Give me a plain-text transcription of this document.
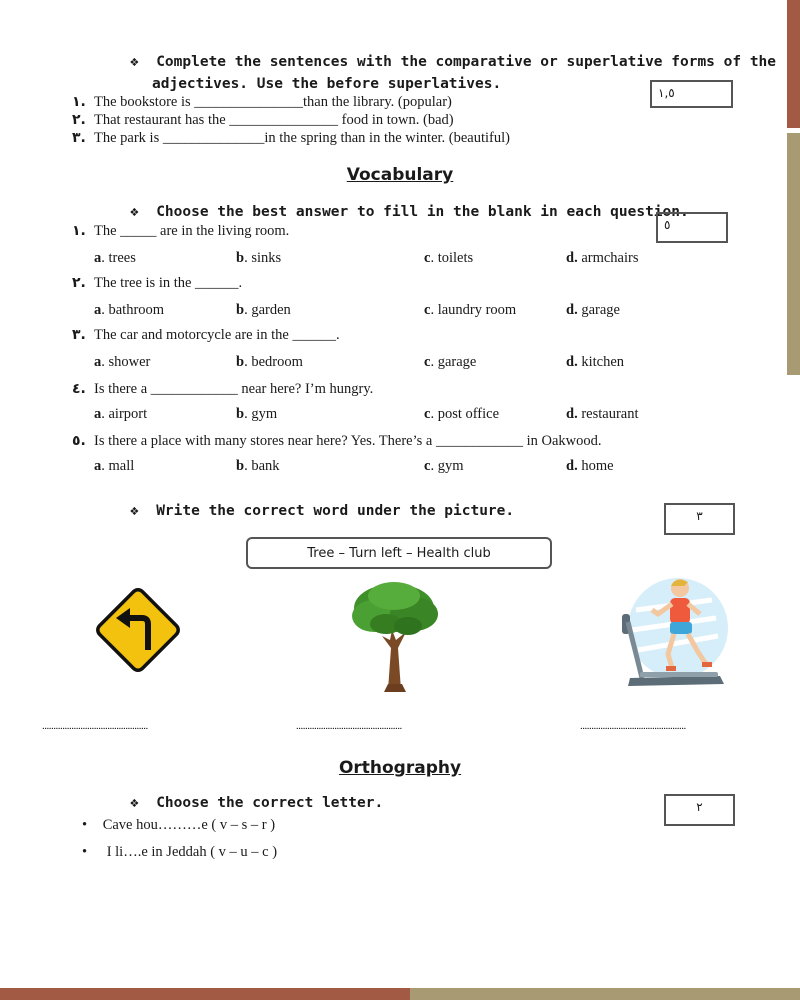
❖ Complete the sentences with the comparative or superlative forms of the
adjectives. Use the before superlatives.
١,٥
١. The bookstore is _______________than the library. (popular)
٢. That restaurant has the _______________ food in town. (bad)
٣. The park is ______________in the spring than in the winter. (beautiful)
Vocabulary
❖ Choose the best answer to fill in the blank in each question.
٥
١. The _____ are in the living room.
a. trees	b. sinks	c. toilets	d. armchairs
٢. The tree is in the ______.
a. bathroom	b. garden	c. laundry room	d. garage
٣. The car and motorcycle are in the ______.
a. shower	b. bedroom	c. garage	d. kitchen
٤. Is there a ____________ near here? I’m hungry.
a. airport	b. gym	c. post office	d. restaurant
٥. Is there a place with many stores near here? Yes. There’s a ____________ in Oakwood.
a. mall	b. bank	c. gym	d. home
❖ Write the correct word under the picture.	٣
Tree – Turn left – Health club
...............................................	...............................................	...............................................
Orthography
❖ Choose the correct letter.	٢
• Cave hou………e ( v – s – r )
• I li….e in Jeddah ( v – u – c )
